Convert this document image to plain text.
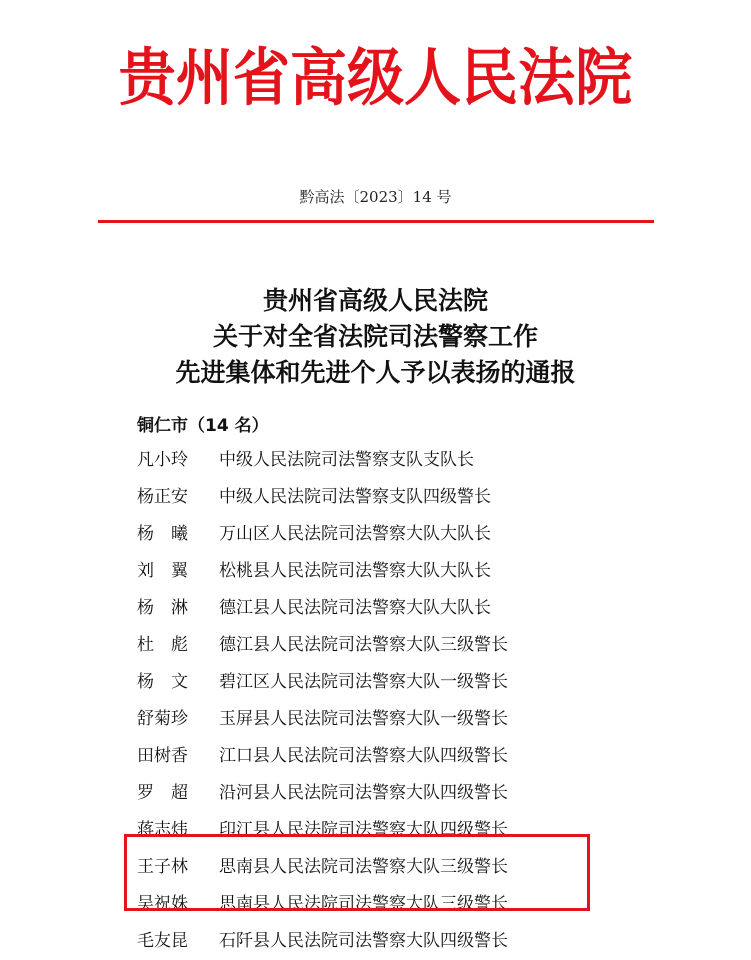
贵州省高级人民法院
黔高法〔2023〕14 号
贵州省高级人民法院
关于对全省法院司法警察工作
先进集体和先进个人予以表扬的通报
铜仁市（14 名）
凡小玲	中级人民法院司法警察支队支队长
杨正安	中级人民法院司法警察支队四级警长
杨　曦	万山区人民法院司法警察大队大队长
刘　翼	松桃县人民法院司法警察大队大队长
杨　淋	德江县人民法院司法警察大队大队长
杜　彪	德江县人民法院司法警察大队三级警长
杨　文	碧江区人民法院司法警察大队一级警长
舒菊珍	玉屏县人民法院司法警察大队一级警长
田树香	江口县人民法院司法警察大队四级警长
罗　超	沿河县人民法院司法警察大队四级警长
蒋志炜	印江县人民法院司法警察大队四级警长
王子林	思南县人民法院司法警察大队三级警长
吴祝姝	思南县人民法院司法警察大队三级警长
毛友昆	石阡县人民法院司法警察大队四级警长
